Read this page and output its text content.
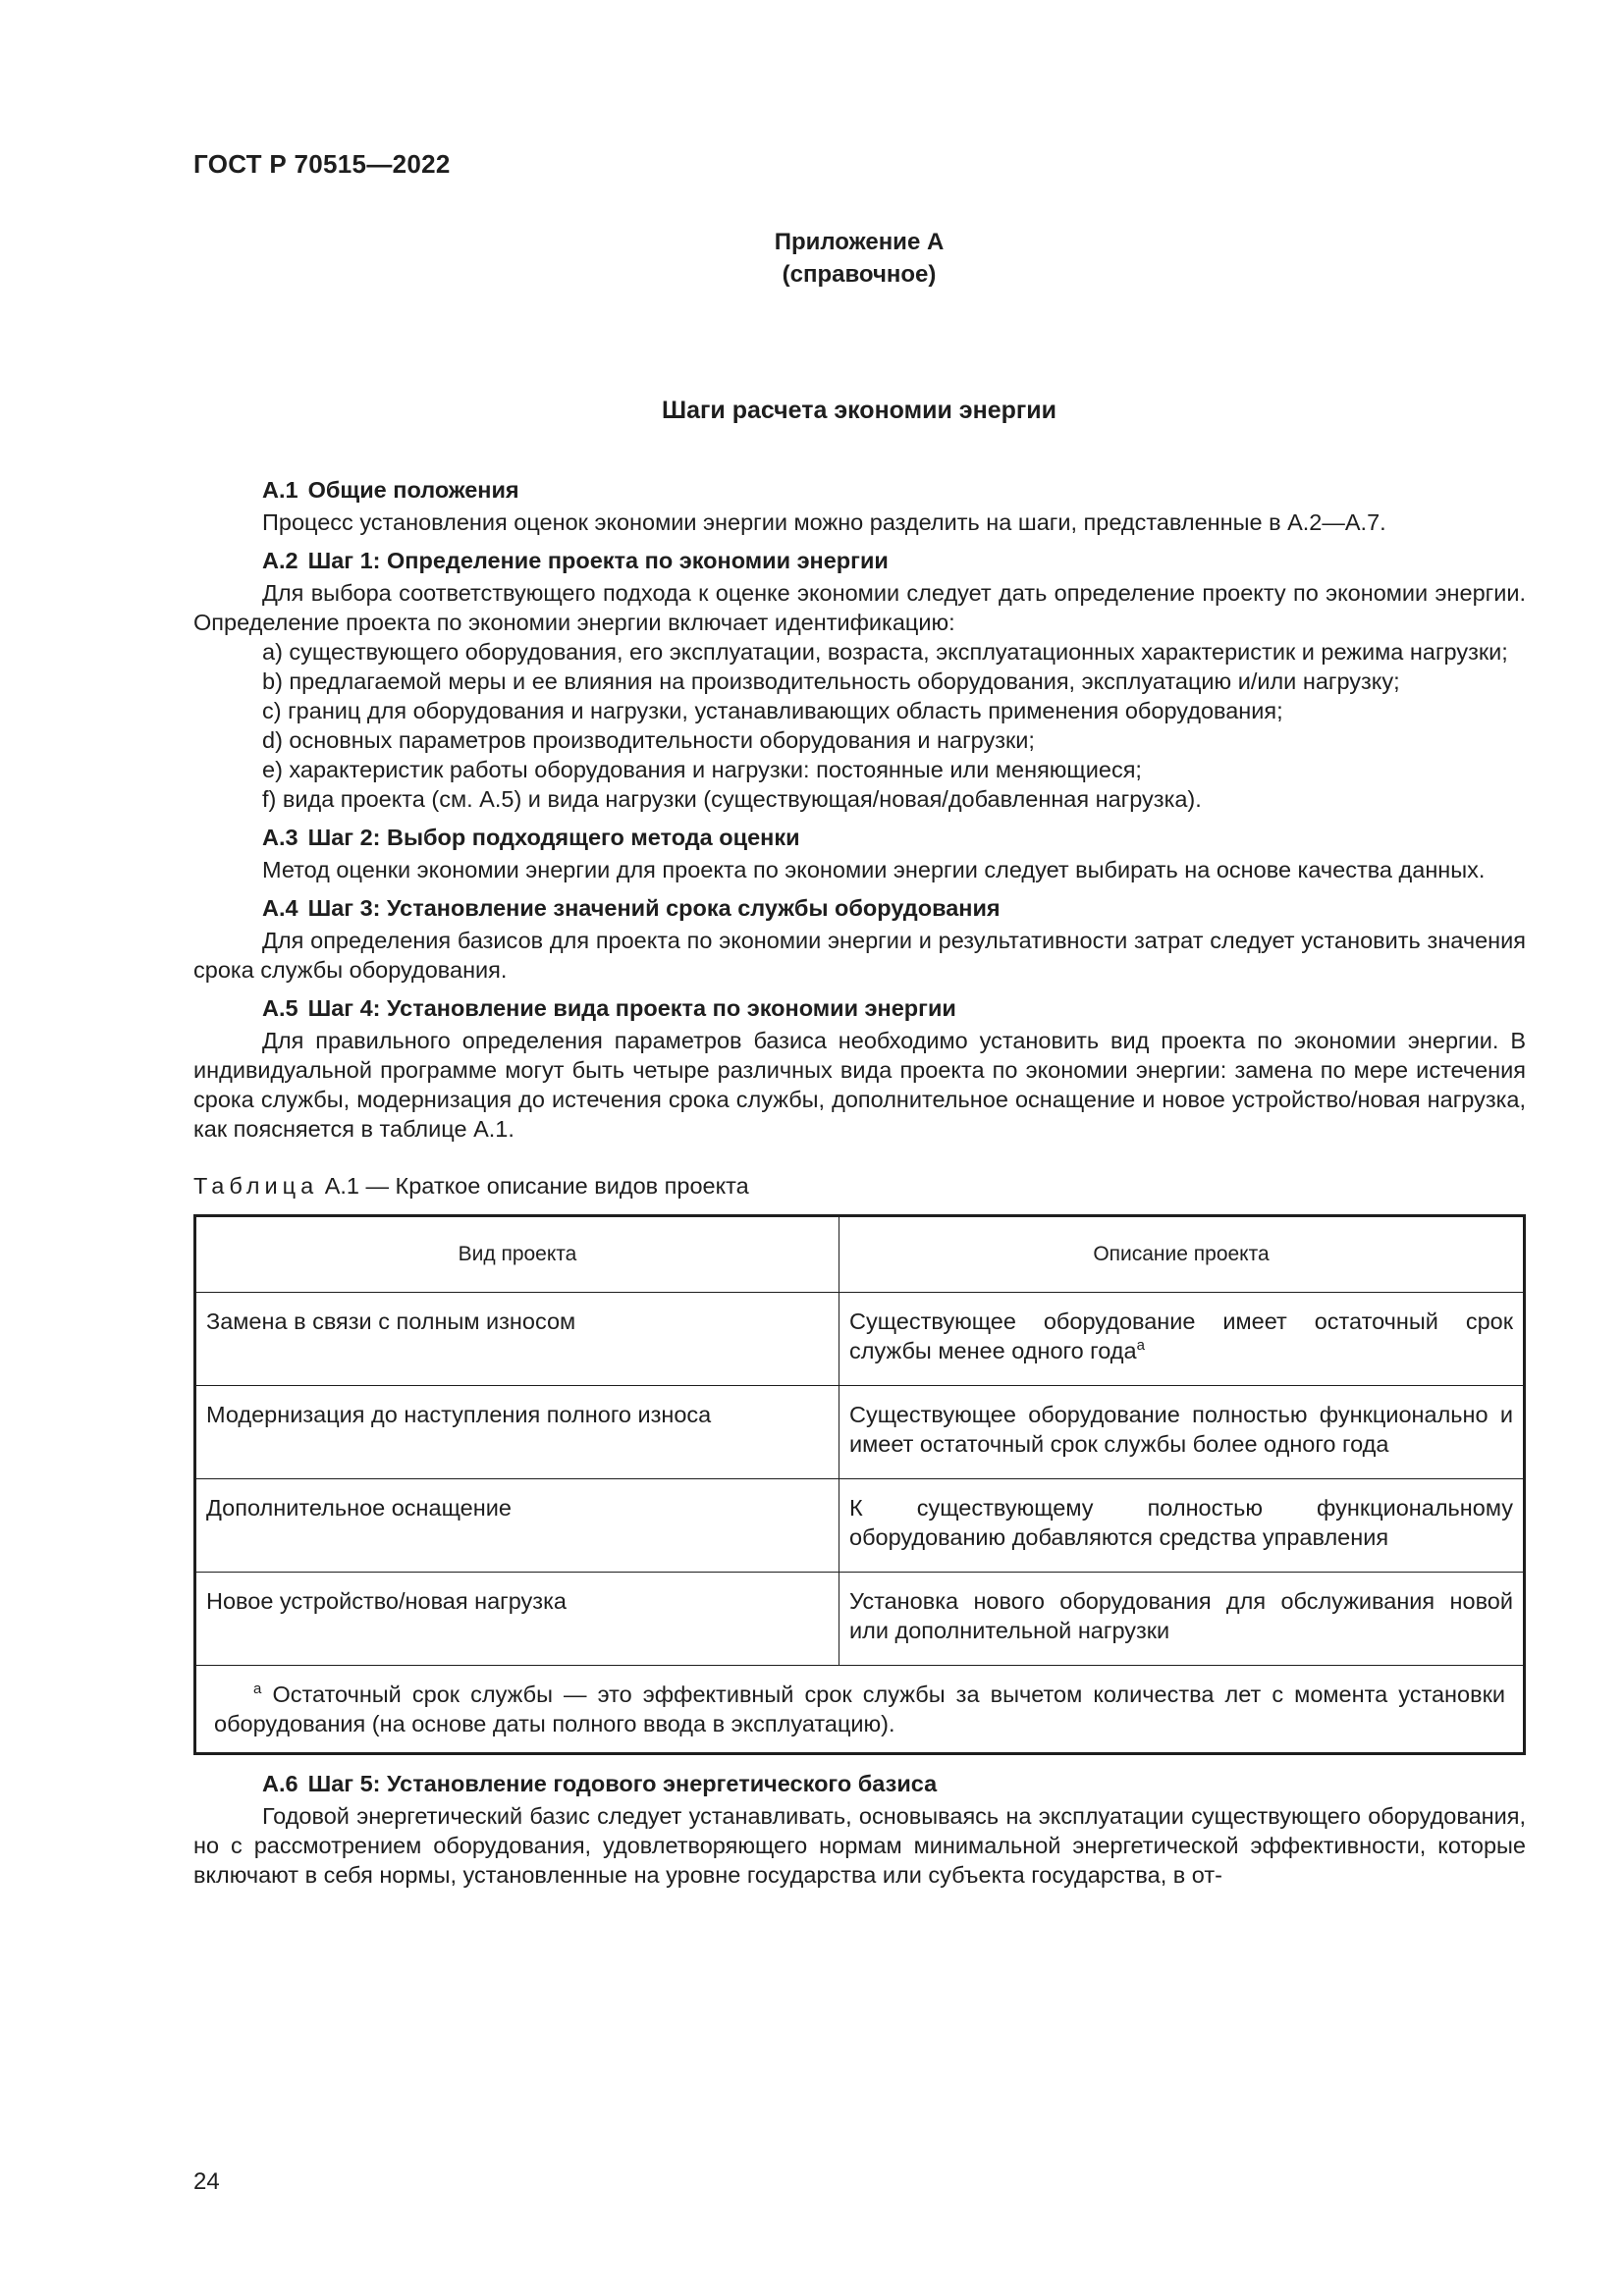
ГОСТ Р 70515—2022
Приложение А
(справочное)
Шаги расчета экономии энергии
А.1 Общие положения

Процесс установления оценок экономии энергии можно разделить на шаги, представленные в А.2—А.7.

А.2 Шаг 1: Определение проекта по экономии энергии

Для выбора соответствующего подхода к оценке экономии следует дать определение проекту по экономии энергии. Определение проекта по экономии энергии включает идентификацию:

а) существующего оборудования, его эксплуатации, возраста, эксплуатационных характеристик и режима нагрузки;
b) предлагаемой меры и ее влияния на производительность оборудования, эксплуатацию и/или нагрузку;
c) границ для оборудования и нагрузки, устанавливающих область применения оборудования;
d) основных параметров производительности оборудования и нагрузки;
e) характеристик работы оборудования и нагрузки: постоянные или меняющиеся;
f) вида проекта (см. А.5) и вида нагрузки (существующая/новая/добавленная нагрузка).
А.3 Шаг 2: Выбор подходящего метода оценки

Метод оценки экономии энергии для проекта по экономии энергии следует выбирать на основе качества данных.

А.4 Шаг 3: Установление значений срока службы оборудования

Для определения базисов для проекта по экономии энергии и результативности затрат следует установить значения срока службы оборудования.

А.5 Шаг 4: Установление вида проекта по экономии энергии

Для правильного определения параметров базиса необходимо установить вид проекта по экономии энергии. В индивидуальной программе могут быть четыре различных вида проекта по экономии энергии: замена по мере истечения срока службы, модернизация до истечения срока службы, дополнительное оснащение и новое устройство/новая нагрузка, как поясняется в таблице А.1.

Таблица А.1 — Краткое описание видов проекта
Вид проекта	Описание проекта
Замена в связи с полным износом	Существующее оборудование имеет остаточный срок службы менее одного года$^a$
Модернизация до наступления полного износа	Существующее оборудование полностью функционально и имеет остаточный срок службы более одного года
Дополнительное оснащение	К существующему полностью функциональному оборудованию добавляются средства управления
Новое устройство/новая нагрузка	Установка нового оборудования для обслуживания новой или дополнительной нагрузки

$^a$ Остаточный срок службы — это эффективный срок службы за вычетом количества лет с момента установки оборудования (на основе даты полного ввода в эксплуатацию).	
А.6 Шаг 5: Установление годового энергетического базиса

Годовой энергетический базис следует устанавливать, основываясь на эксплуатации существующего оборудования, но с рассмотрением оборудования, удовлетворяющего нормам минимальной энергетической эффективности, которые включают в себя нормы, установленные на уровне государства или субъекта государства, в от-

24
